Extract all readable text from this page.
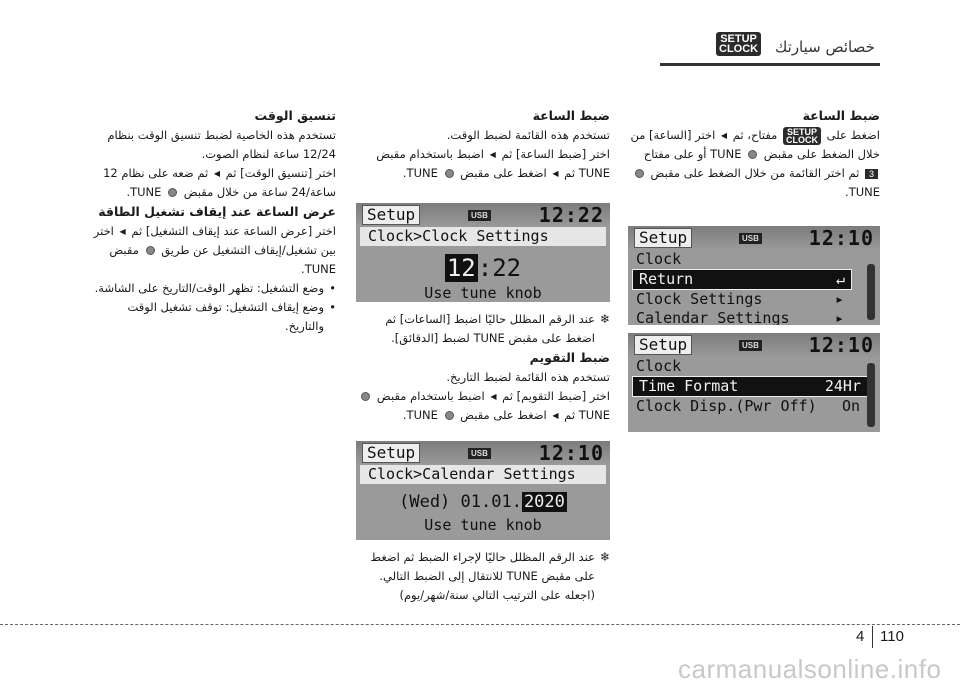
SETUP
CLOCK خصائص سيارتك

ضبط الساعة

اضغط على
SETUP
CLOCK
مفتاح، ثم ◀ اختر [الساعة] من خلال الضغط على مقبض  TUNE أو على مفتاح 3 ثم اختر القائمة من خلال الضغط على مقبض  TUNE.

Setup	USB 12:10
Clock
Return	↵
Clock Settings	▸
Calendar Settings	▸
Setup	USB 12:10
Clock
Time Format	24Hr
Clock Disp.(Pwr Off) On

ضبط الساعة

تستخدم هذه القائمة لضبط الوقت.

اختر [ضبط الساعة] ثم ◀ اضبط باستخدام مقبض TUNE ثم ◀ اضغط على مقبض  TUNE.

Setup	USB	12:22
Clock>Clock Settings
12:22
Use tune knob
❄

عند الرقم المظلل حاليًا اضبط [الساعات] ثم

اضغط على مقبض TUNE لضبط [الدقائق].

ضبط التقويم

تستخدم هذه القائمة لضبط التاريخ.

اختر [ضبط التقويم] ثم ◀ اضبط باستخدام مقبض  TUNE ثم ◀ اضغط على مقبض  TUNE.

Setup	USB	12:10
Clock>Calendar Settings
(Wed) 01.01. 2020
Use tune knob
❄

عند الرقم المظلل حاليًا لإجراء الضبط ثم اضغط

على مقبض TUNE للانتقال إلى الضبط التالي.

(اجعله على الترتيب التالي سنة/شهر/يوم)

تنسيق الوقت

تستخدم هذه الخاصية لضبط تنسيق الوقت بنظام

12/24 ساعة لنظام الصوت.

اختر [تنسيق الوقت] ثم ◀ ثم ضعه على نظام 12

ساعة/24 ساعة من خلال مقبض  TUNE.

عرض الساعة عند إيقاف تشغيل الطاقة

اختر [عرض الساعة عند إيقاف التشغيل] ثم ◀ اختر

بين تشغيل/إيقاف التشغيل عن طريق  مقبض

TUNE.

• وضع التشغيل: تظهر الوقت/التاريخ على الشاشة.

• وضع إيقاف التشغيل: توقف تشغيل الوقت

والتاريخ.

4 110
carmanualsonline.info
